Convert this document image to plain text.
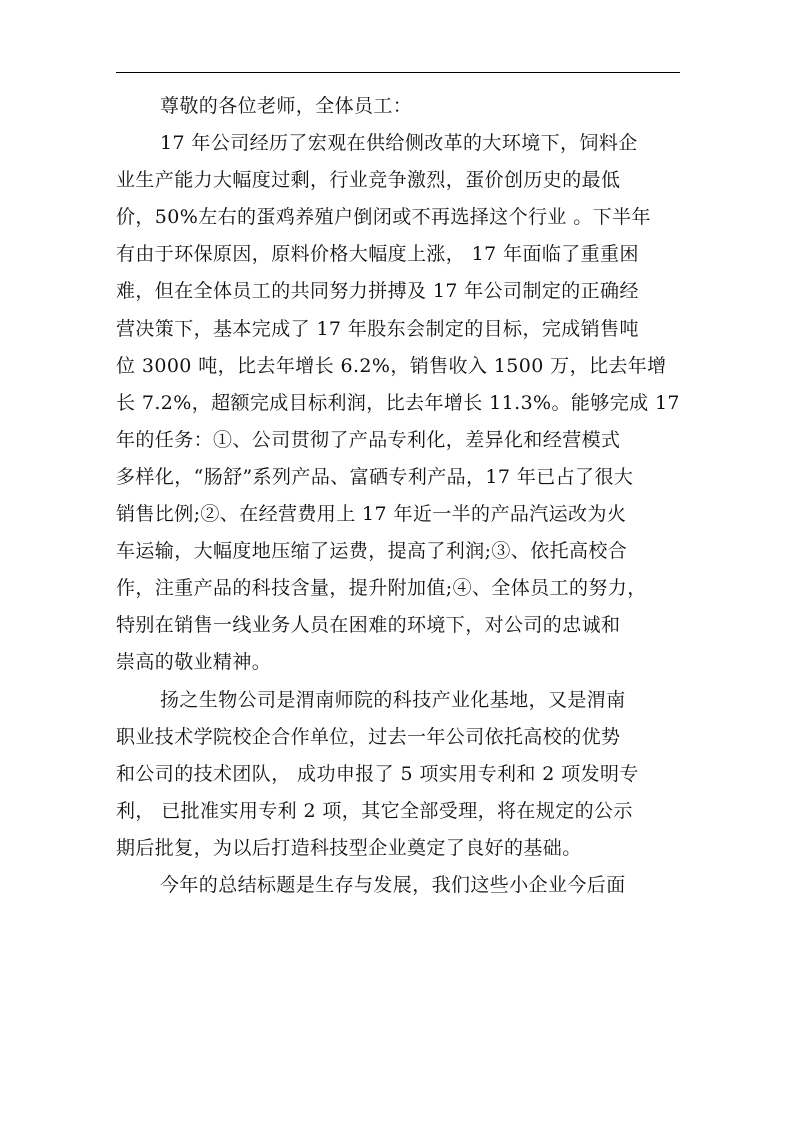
尊敬的各位老师，全体员工：

17 年公司经历了宏观在供给侧改革的大环境下，饲料企
业生产能力大幅度过剩，行业竞争激烈，蛋价创历史的最低
价，50%左右的蛋鸡养殖户倒闭或不再选择这个行业 。下半年
有由于环保原因，原料价格大幅度上涨， 17 年面临了重重困
难，但在全体员工的共同努力拼搏及 17 年公司制定的正确经
营决策下，基本完成了 17 年股东会制定的目标，完成销售吨
位 3000 吨，比去年增长 6.2%，销售收入 1500 万，比去年增
长 7.2%，超额完成目标利润，比去年增长 11.3%。能够完成 17
年的任务：①、公司贯彻了产品专利化，差异化和经营模式
多样化，“肠舒”系列产品、富硒专利产品，17 年已占了很大
销售比例;②、在经营费用上 17 年近一半的产品汽运改为火
车运输，大幅度地压缩了运费，提高了利润;③、依托高校合
作，注重产品的科技含量，提升附加值;④、全体员工的努力，
特别在销售一线业务人员在困难的环境下，对公司的忠诚和
崇高的敬业精神。

扬之生物公司是渭南师院的科技产业化基地，又是渭南
职业技术学院校企合作单位，过去一年公司依托高校的优势
和公司的技术团队， 成功申报了 5 项实用专利和 2 项发明专
利， 已批准实用专利 2 项，其它全部受理，将在规定的公示
期后批复，为以后打造科技型企业奠定了良好的基础。

今年的总结标题是生存与发展，我们这些小企业今后面
